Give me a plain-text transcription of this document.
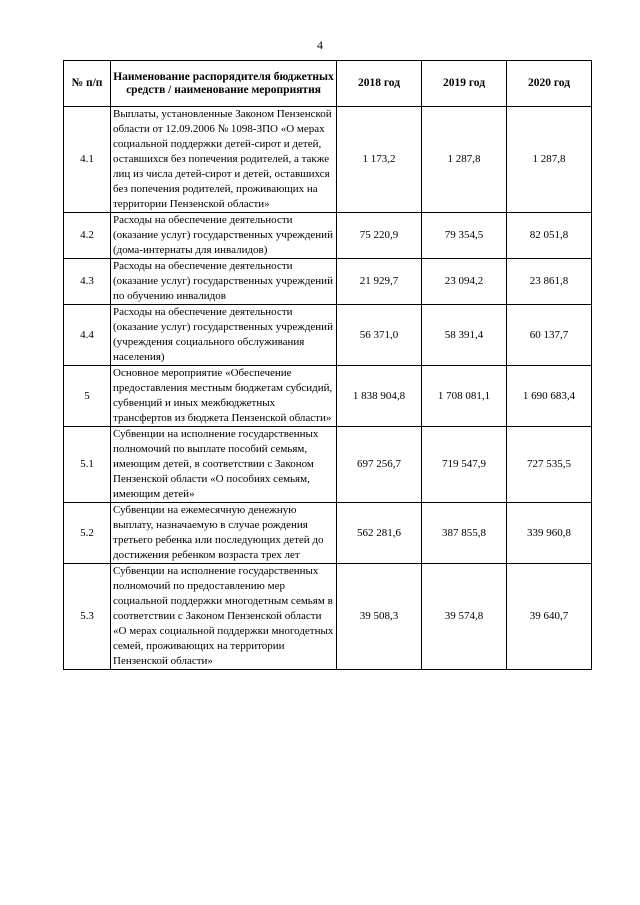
4
№ п/п	Наименование распорядителя бюджетных средств / наименование мероприятия	2018 год	2019 год	2020 год
4.1	Выплаты, установленные Законом Пензенской области от 12.09.2006 № 1098-ЗПО «О мерах социальной поддержки детей-сирот и детей, оставшихся без попечения родителей, а также лиц из числа детей-сирот и детей, оставшихся без попечения родителей, проживающих на территории Пензенской области»	1 173,2	1 287,8	1 287,8
4.2	Расходы на обеспечение деятельности (оказание услуг) государственных учреждений (дома-интернаты для инвалидов)	75 220,9	79 354,5	82 051,8
4.3	Расходы на обеспечение деятельности (оказание услуг) государственных учреждений по обучению инвалидов	21 929,7	23 094,2	23 861,8
4.4	Расходы на обеспечение деятельности (оказание услуг) государственных учреждений (учреждения социального обслуживания населения)	56 371,0	58 391,4	60 137,7
5	Основное мероприятие «Обеспечение предоставления местным бюджетам субсидий, субвенций и иных межбюджетных трансфертов из бюджета Пензенской области»	1 838 904,8	1 708 081,1	1 690 683,4
5.1	Субвенции на исполнение государственных полномочий по выплате пособий семьям, имеющим детей, в соответствии с Законом Пензенской области «О пособиях семьям, имеющим детей»	697 256,7	719 547,9	727 535,5
5.2	Субвенции на ежемесячную денежную выплату, назначаемую в случае рождения третьего ребенка или последующих детей до достижения ребенком возраста трех лет	562 281,6	387 855,8	339 960,8
5.3	Субвенции на исполнение государственных полномочий по предоставлению мер социальной поддержки многодетным семьям в соответствии с Законом Пензенской области «О мерах социальной поддержки многодетных семей, проживающих на территории Пензенской области»	39 508,3	39 574,8	39 640,7
